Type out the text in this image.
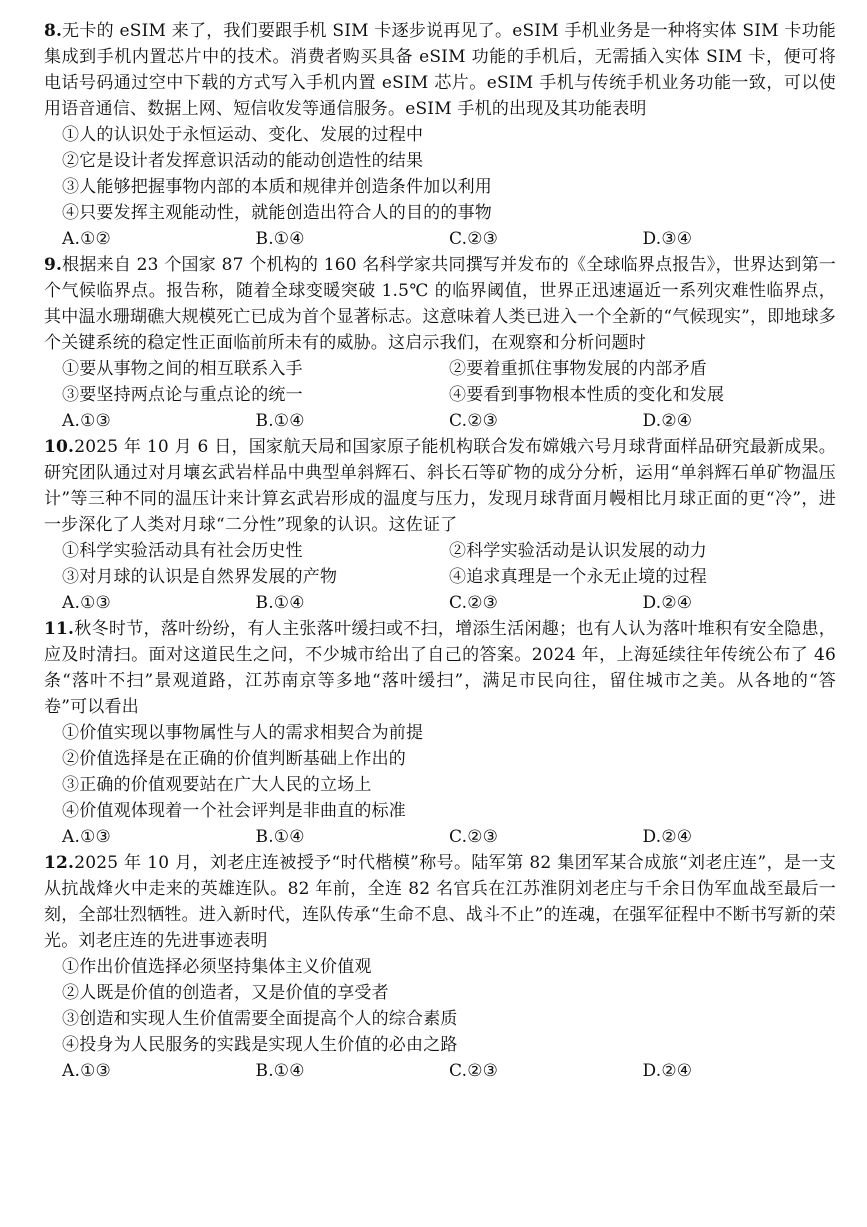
8.无卡的 eSIM 来了，我们要跟手机 SIM 卡逐步说再见了。eSIM 手机业务是一种将实体 SIM 卡功能集成到手机内置芯片中的技术。消费者购买具备 eSIM 功能的手机后，无需插入实体 SIM 卡，便可将电话号码通过空中下载的方式写入手机内置 eSIM 芯片。eSIM 手机与传统手机业务功能一致，可以使用语音通信、数据上网、短信收发等通信服务。eSIM 手机的出现及其功能表明
①人的认识处于永恒运动、变化、发展的过程中
②它是设计者发挥意识活动的能动创造性的结果
③人能够把握事物内部的本质和规律并创造条件加以利用
④只要发挥主观能动性，就能创造出符合人的目的的事物
A.①②	B.①④	C.②③	D.③④
9.根据来自 23 个国家 87 个机构的 160 名科学家共同撰写并发布的《全球临界点报告》，世界达到第一个气候临界点。报告称，随着全球变暖突破 1.5℃ 的临界阈值，世界正迅速逼近一系列灾难性临界点，其中温水珊瑚礁大规模死亡已成为首个显著标志。这意味着人类已进入一个全新的“气候现实”，即地球多个关键系统的稳定性正面临前所未有的威胁。这启示我们，在观察和分析问题时
①要从事物之间的相互联系入手	②要着重抓住事物发展的内部矛盾
③要坚持两点论与重点论的统一	④要看到事物根本性质的变化和发展
A.①③	B.①④	C.②③	D.②④
10.2025 年 10 月 6 日，国家航天局和国家原子能机构联合发布嫦娥六号月球背面样品研究最新成果。研究团队通过对月壤玄武岩样品中典型单斜辉石、斜长石等矿物的成分分析，运用“单斜辉石单矿物温压计”等三种不同的温压计来计算玄武岩形成的温度与压力，发现月球背面月幔相比月球正面的更“冷”，进一步深化了人类对月球“二分性”现象的认识。这佐证了
①科学实验活动具有社会历史性	②科学实验活动是认识发展的动力
③对月球的认识是自然界发展的产物	④追求真理是一个永无止境的过程
A.①③	B.①④	C.②③	D.②④
11.秋冬时节，落叶纷纷，有人主张落叶缓扫或不扫，增添生活闲趣；也有人认为落叶堆积有安全隐患，应及时清扫。面对这道民生之问，不少城市给出了自己的答案。2024 年，上海延续往年传统公布了 46 条“落叶不扫”景观道路，江苏南京等多地“落叶缓扫”，满足市民向往，留住城市之美。从各地的“答卷”可以看出
①价值实现以事物属性与人的需求相契合为前提
②价值选择是在正确的价值判断基础上作出的
③正确的价值观要站在广大人民的立场上
④价值观体现着一个社会评判是非曲直的标准
A.①③	B.①④	C.②③	D.②④
12.2025 年 10 月，刘老庄连被授予“时代楷模”称号。陆军第 82 集团军某合成旅“刘老庄连”，是一支从抗战烽火中走来的英雄连队。82 年前，全连 82 名官兵在江苏淮阴刘老庄与千余日伪军血战至最后一刻，全部壮烈牺牲。进入新时代，连队传承“生命不息、战斗不止”的连魂，在强军征程中不断书写新的荣光。刘老庄连的先进事迹表明
①作出价值选择必须坚持集体主义价值观
②人既是价值的创造者，又是价值的享受者
③创造和实现人生价值需要全面提高个人的综合素质
④投身为人民服务的实践是实现人生价值的必由之路
A.①③	B.①④	C.②③	D.②④
